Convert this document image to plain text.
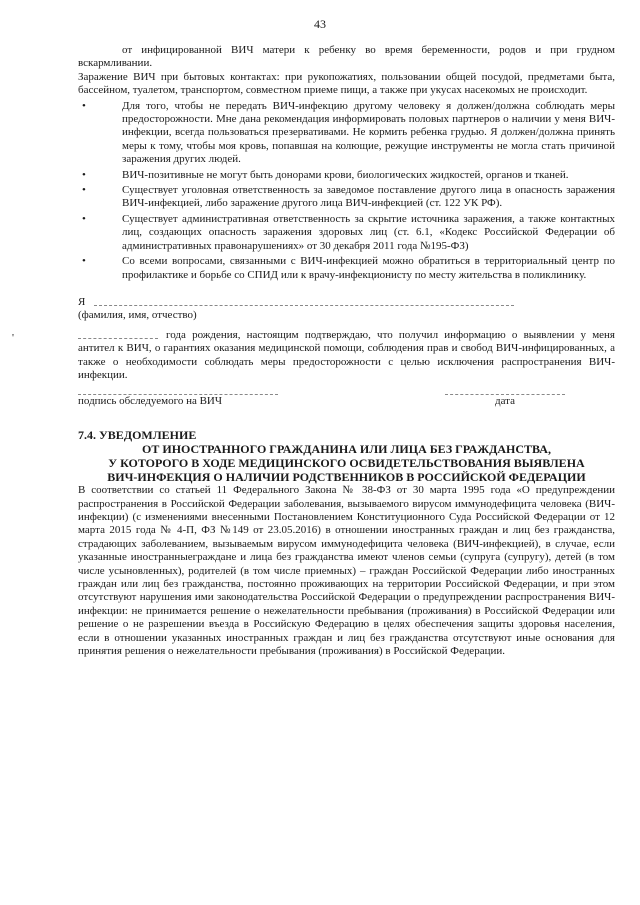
43
'

от инфицированной ВИЧ матери к ребенку во время беременности, родов и при грудном вскармливании.

Заражение ВИЧ при бытовых контактах: при рукопожатиях, пользовании общей посудой, предметами быта, бассейном, туалетом, транспортом, совместном приеме пищи, а также при укусах насекомых не происходит.

•	Для того, чтобы не передать ВИЧ-инфекцию другому человеку я должен/должна соблюдать меры предосторожности. Мне дана рекомендация информировать половых партнеров о наличии у меня ВИЧ-инфекции, всегда пользоваться презервативами. Не кормить ребенка грудью. Я должен/должна принять меры к тому, чтобы моя кровь, попавшая на колющие, режущие инструменты не могла стать причиной заражения других людей.
•	ВИЧ-позитивные не могут быть донорами крови, биологических жидкостей, органов и тканей.
•	Существует уголовная ответственность за заведомое поставление другого лица в опасность заражения ВИЧ-инфекцией, либо заражение другого лица ВИЧ-инфекцией (ст. 122 УК РФ).
•	Существует административная ответственность за скрытие источника заражения, а также контактных лиц, создающих опасность заражения здоровых лиц (ст. 6.1, «Кодекс Российской Федерации об административных правонарушениях» от 30 декабря 2011 года №195-ФЗ)
•	Со всеми вопросами, связанными с ВИЧ-инфекцией можно обратиться в территориальный центр по профилактике и борьбе со СПИД или к врачу-инфекционисту по месту жительства в поликлинику.

Я

(фамилия, имя, отчество)

года рождения, настоящим подтверждаю, что получил информацию о выявлении у меня антител к ВИЧ, о гарантиях оказания медицинской помощи, соблюдения прав и свобод ВИЧ-инфицированных, а также о необходимости соблюдать меры предосторожности с целью исключения распространения ВИЧ-инфекции.

подпись обследуемого на ВИЧ	дата
7.4. УВЕДОМЛЕНИЕ
ОТ ИНОСТРАННОГО ГРАЖДАНИНА ИЛИ ЛИЦА БЕЗ ГРАЖДАНСТВА,
У КОТОРОГО В ХОДЕ МЕДИЦИНСКОГО ОСВИДЕТЕЛЬСТВОВАНИЯ ВЫЯВЛЕНА
ВИЧ-ИНФЕКЦИЯ О НАЛИЧИИ РОДСТВЕННИКОВ В РОССИЙСКОЙ ФЕДЕРАЦИИ

В соответствии со статьей 11 Федерального Закона № 38-ФЗ от 30 марта 1995 года «О предупреждении распространения в Российской Федерации заболевания, вызываемого вирусом иммунодефицита человека (ВИЧ-инфекции) (с изменениями внесенными Постановлением Конституционного Суда Российской Федерации от 12 марта 2015 года № 4-П, ФЗ №149 от 23.05.2016) в отношении иностранных граждан и лиц без гражданства, страдающих заболеванием, вызываемым вирусом иммунодефицита человека (ВИЧ-инфекцией), в случае, если указанные иностранныеграждане и лица без гражданства имеют членов семьи (супруга (супругу), детей (в том числе усыновленных), родителей (в том числе приемных) – граждан Российской Федерации либо иностранных граждан или лиц без гражданства, постоянно проживающих на территории Российской Федерации, и при этом отсутствуют нарушения ими законодательства Российской Федерации о предупреждении распространения ВИЧ-инфекции: не принимается решение о нежелательности пребывания (проживания) в Российской Федерации или решение о не разрешении въезда в Российскую Федерацию в целях обеспечения защиты здоровья населения, если в отношении указанных иностранных граждан и лиц без гражданства отсутствуют иные основания для принятия решения о нежелательности пребывания (проживания) в Российской Федерации.
